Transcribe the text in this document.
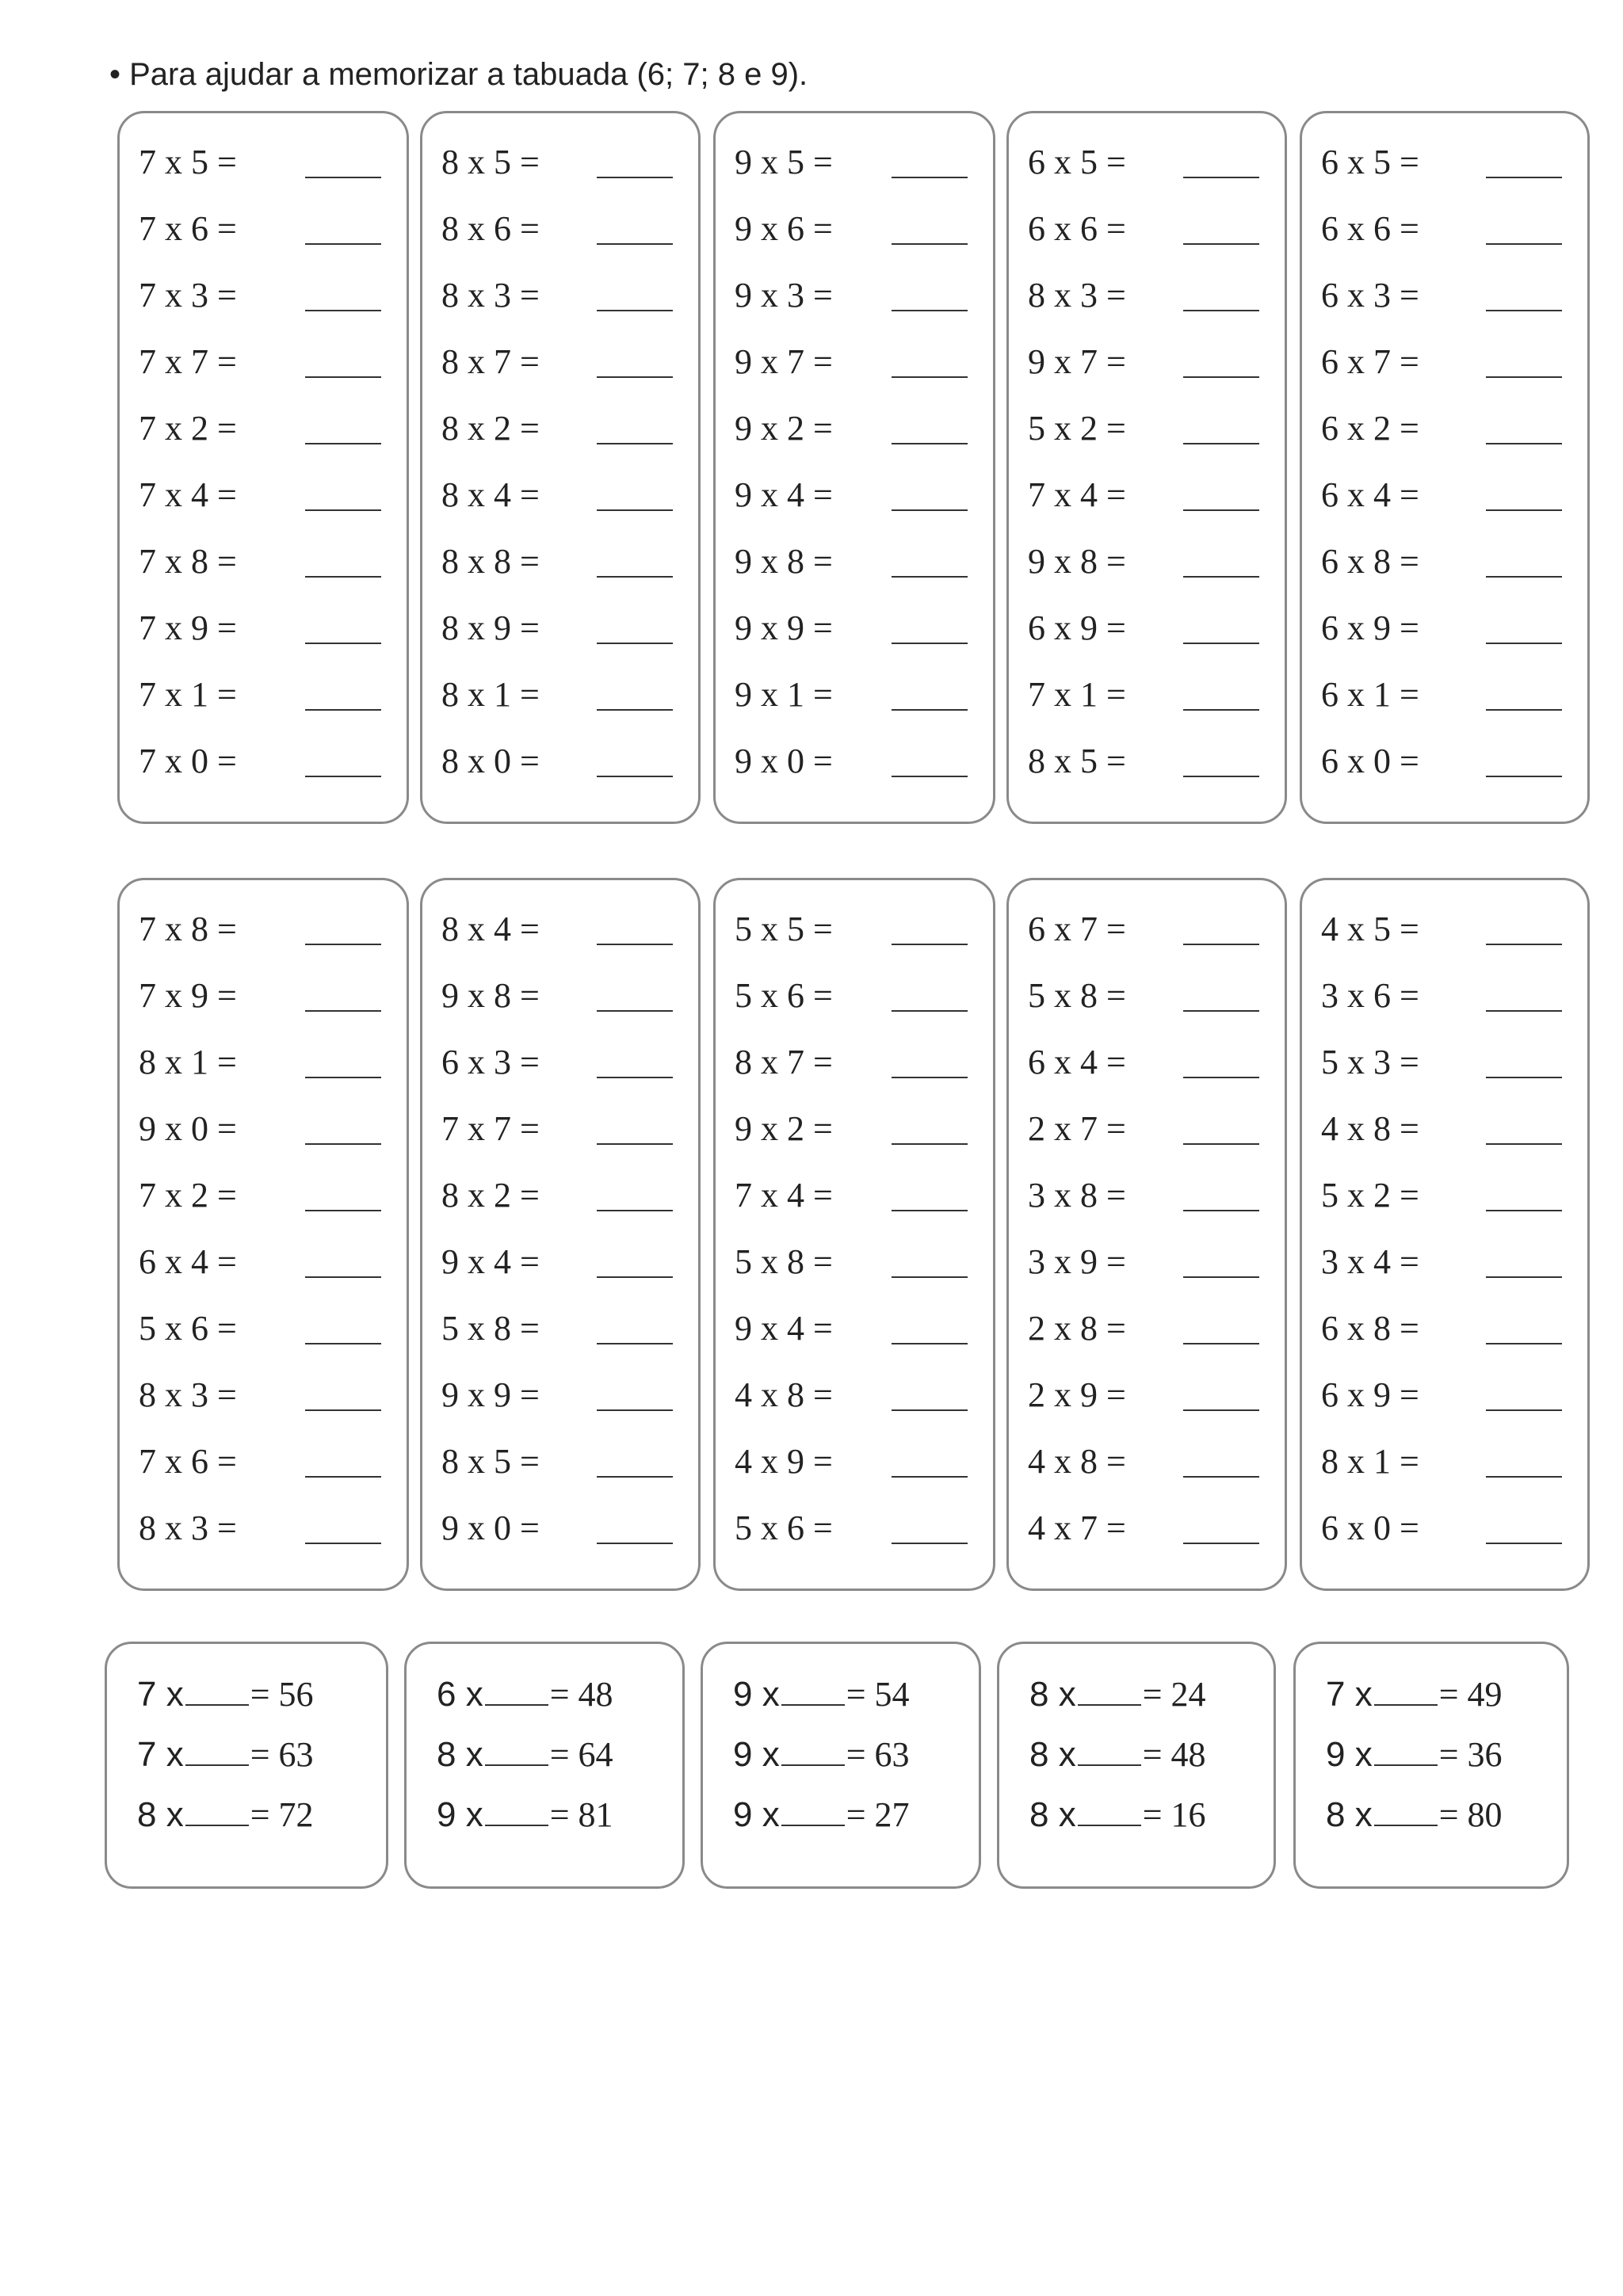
• Para ajudar a memorizar a tabuada (6; 7; 8 e 9).
7 x 5 =
7 x 6 =
7 x 3 =
7 x 7 =
7 x 2 =
7 x 4 =
7 x 8 =
7 x 9 =
7 x 1 =
7 x 0 =
8 x 5 =
8 x 6 =
8 x 3 =
8 x 7 =
8 x 2 =
8 x 4 =
8 x 8 =
8 x 9 =
8 x 1 =
8 x 0 =
9 x 5 =
9 x 6 =
9 x 3 =
9 x 7 =
9 x 2 =
9 x 4 =
9 x 8 =
9 x 9 =
9 x 1 =
9 x 0 =
6 x 5 =
6 x 6 =
8 x 3 =
9 x 7 =
5 x 2 =
7 x 4 =
9 x 8 =
6 x 9 =
7 x 1 =
8 x 5 =
6 x 5 =
6 x 6 =
6 x 3 =
6 x 7 =
6 x 2 =
6 x 4 =
6 x 8 =
6 x 9 =
6 x 1 =
6 x 0 =
7 x 8 =
7 x 9 =
8 x 1 =
9 x 0 =
7 x 2 =
6 x 4 =
5 x 6 =
8 x 3 =
7 x 6 =
8 x 3 =
8 x 4 =
9 x 8 =
6 x 3 =
7 x 7 =
8 x 2 =
9 x 4 =
5 x 8 =
9 x 9 =
8 x 5 =
9 x 0 =
5 x 5 =
5 x 6 =
8 x 7 =
9 x 2 =
7 x 4 =
5 x 8 =
9 x 4 =
4 x 8 =
4 x 9 =
5 x 6 =
6 x 7 =
5 x 8 =
6 x 4 =
2 x 7 =
3 x 8 =
3 x 9 =
2 x 8 =
2 x 9 =
4 x 8 =
4 x 7 =
4 x 5 =
3 x 6 =
5 x 3 =
4 x 8 =
5 x 2 =
3 x 4 =
6 x 8 =
6 x 9 =
8 x 1 =
6 x 0 =
7 x = 56
7 x = 63
8 x = 72
6 x = 48
8 x = 64
9 x = 81
9 x = 54
9 x = 63
9 x = 27
8 x = 24
8 x = 48
8 x = 16
7 x = 49
9 x = 36
8 x = 80
